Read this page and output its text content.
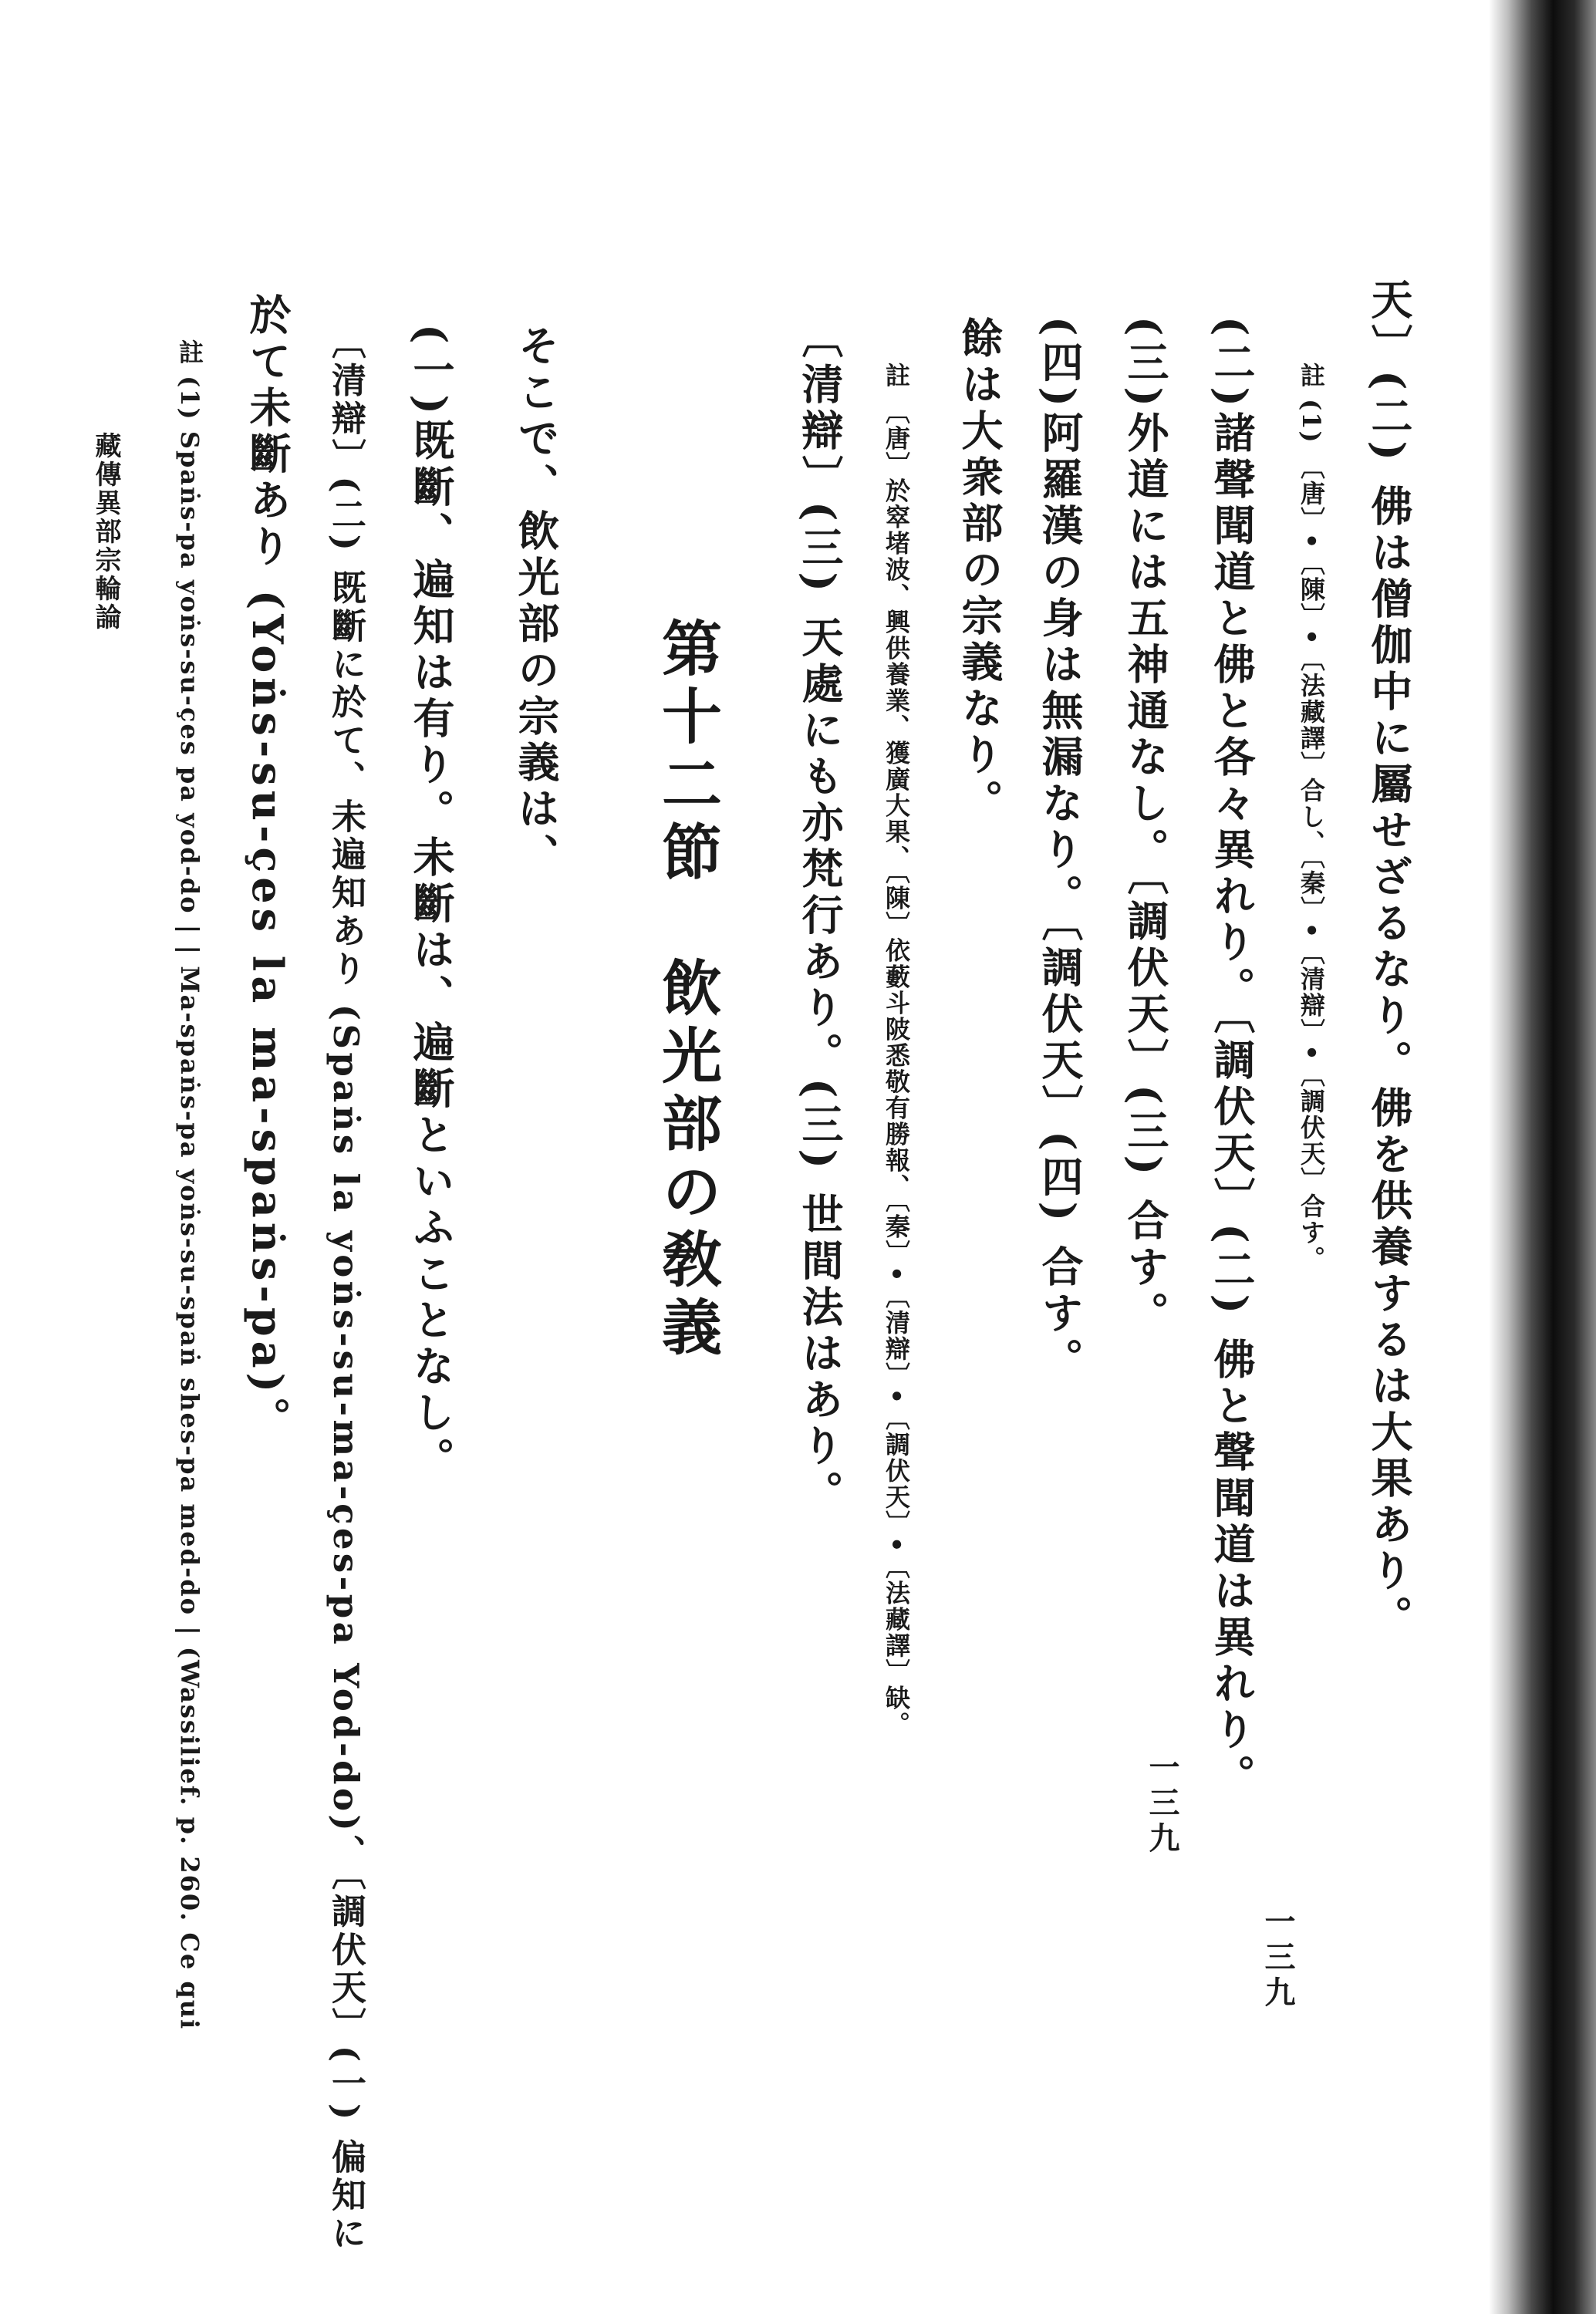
天〕(二) 佛は僧伽中に屬せざるなり。佛を供養するは大果あり。
註 (1) 〔唐〕•〔陳〕•〔法藏譯〕合し、〔秦〕•〔清辯〕•〔調伏天〕合す。
(二)諸聲聞道と佛と各々異れり。〔調伏天〕(二) 佛と聲聞道は異れり。
(三)外道には五神通なし。〔調伏天〕(三) 合す。
(四)阿羅漢の身は無漏なり。〔調伏天〕(四) 合す。
餘は大衆部の宗義なり。
註 〔唐〕於窣堵波、興供養業、獲廣大果、〔陳〕依藪斗陂悉敬有勝報、〔秦〕•〔清辯〕•〔調伏天〕•〔法藏譯〕缺。
〔清辯〕(三) 天處にも亦梵行あり。(三) 世間法はあり。
第十二節　飲光部の敎義
そこで、飲光部の宗義は、
(一)既斷、遍知は有り。未斷は、遍斷といふことなし。
〔清辯〕(二) 既斷に於て、未遍知あり (Spaṅs la yoṅs-su-ma-çes-pa Yod-do)、〔調伏天〕(一) 偏知に
於て未斷あり (Yoṅs-su-çes la ma-spaṅs-pa)。
註 (1) Spaṅs-pa yoṅs-su-çes pa yod-do | | Ma-spaṅs-pa yoṅs-su-spaṅ shes-pa med-do | (Wassilief. p. 260. Ce qui
藏傳異部宗輪論
一三九
一三九
